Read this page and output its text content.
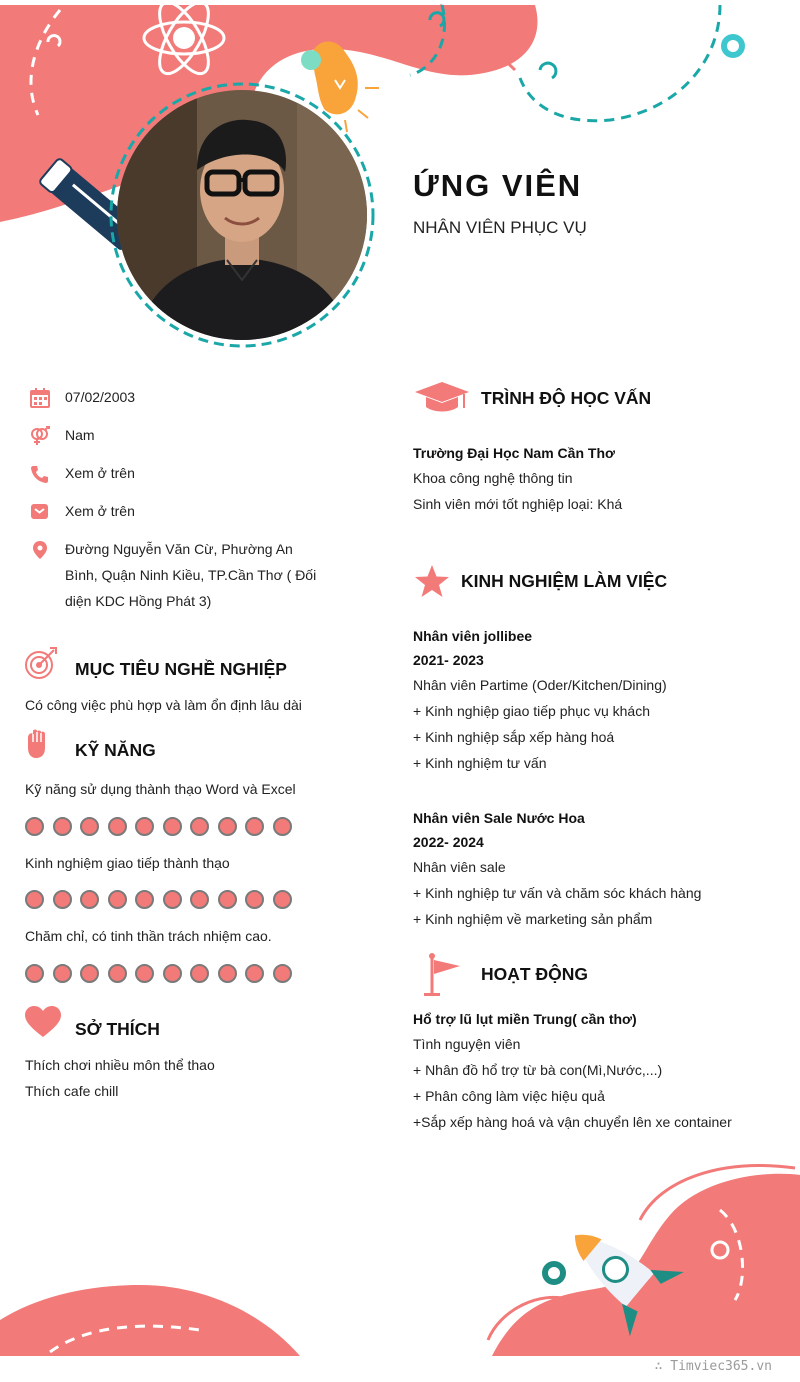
ỨNG VIÊN
NHÂN VIÊN PHỤC VỤ
07/02/2003
Nam
Xem ở trên
Xem ở trên
Đường Nguyễn Văn Cừ, Phường An Bình, Quận Ninh Kiều, TP.Cần Thơ ( Đối diện KDC Hồng Phát 3)
MỤC TIÊU NGHỀ NGHIỆP
Có công việc phù hợp và làm ổn định lâu dài
KỸ NĂNG
Kỹ năng sử dụng thành thạo Word và Excel
Kinh nghiệm giao tiếp thành thạo
Chăm chỉ, có tinh thần trách nhiệm cao.
SỞ THÍCH
Thích chơi nhiều môn thể thao
Thích cafe chill
TRÌNH ĐỘ HỌC VẤN
Trường Đại Học Nam Cần Thơ
Khoa công nghệ thông tin
Sinh viên mới tốt nghiệp loại: Khá
KINH NGHIỆM LÀM VIỆC
Nhân viên jollibee
2021- 2023
Nhân viên Partime (Oder/Kitchen/Dining)
+ Kinh nghiệp giao tiếp phục vụ khách
+ Kinh nghiệp sắp xếp hàng hoá
+ Kinh nghiệm tư vấn
Nhân viên Sale Nước Hoa
2022- 2024
Nhân viên sale
+ Kinh nghiệp tư vấn và chăm sóc khách hàng
+ Kinh nghiệm về marketing sản phẩm
HOẠT ĐỘNG
Hổ trợ lũ lụt miền Trung( cần thơ)
Tình nguyện viên
+ Nhân đồ hổ trợ từ bà con(Mì,Nước,...)
+ Phân công làm việc hiệu quả
+Sắp xếp hàng hoá và vận chuyển lên xe container
∴ Timviec365.vn
